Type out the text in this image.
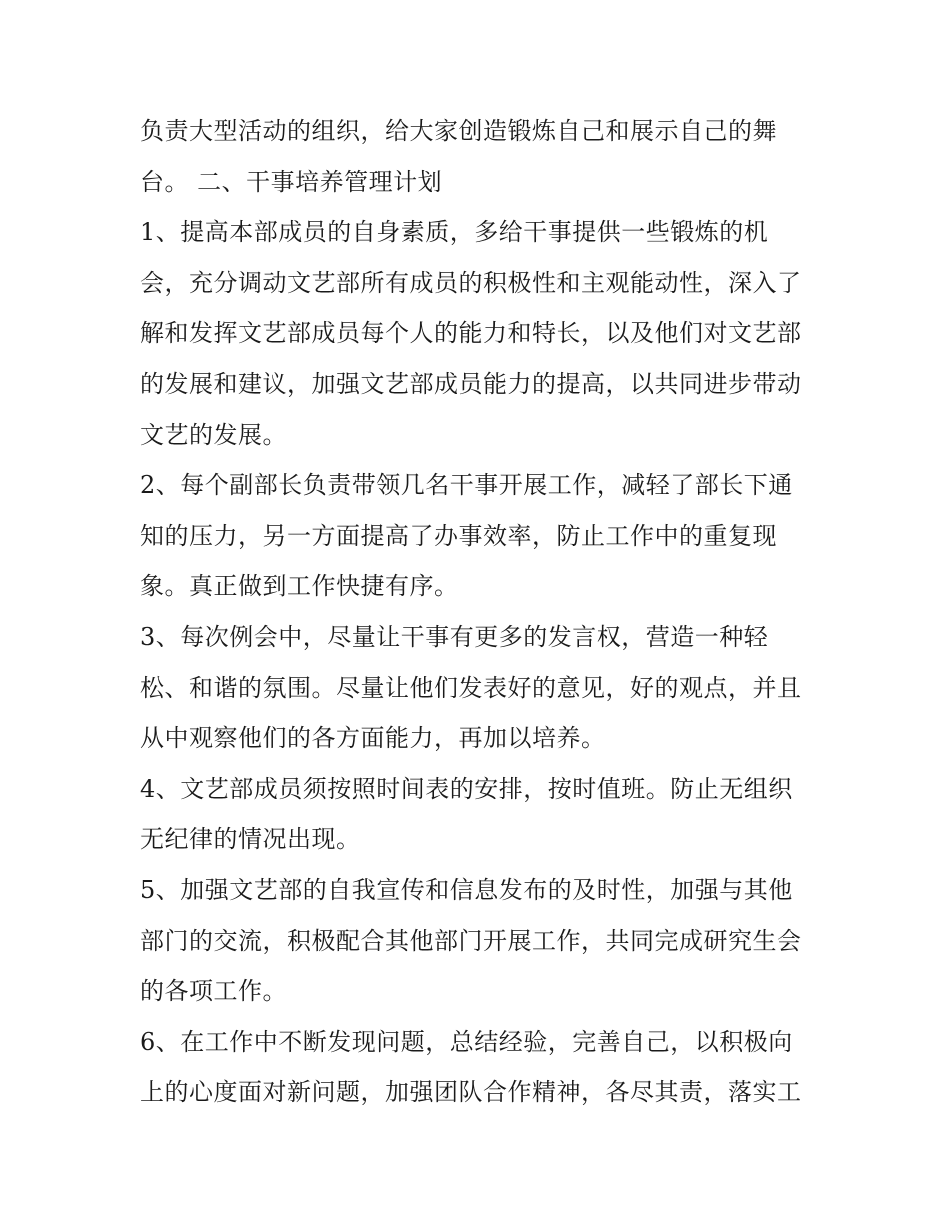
负责大型活动的组织，给大家创造锻炼自己和展示自己的舞
台。 二、干事培养管理计划
1、提高本部成员的自身素质，多给干事提供一些锻炼的机
会，充分调动文艺部所有成员的积极性和主观能动性，深入了
解和发挥文艺部成员每个人的能力和特长，以及他们对文艺部
的发展和建议，加强文艺部成员能力的提高，以共同进步带动
文艺的发展。
2、每个副部长负责带领几名干事开展工作，减轻了部长下通
知的压力，另一方面提高了办事效率，防止工作中的重复现
象。真正做到工作快捷有序。
3、每次例会中，尽量让干事有更多的发言权，营造一种轻
松、和谐的氛围。尽量让他们发表好的意见，好的观点，并且
从中观察他们的各方面能力，再加以培养。
4、文艺部成员须按照时间表的安排，按时值班。防止无组织
无纪律的情况出现。
5、加强文艺部的自我宣传和信息发布的及时性，加强与其他
部门的交流，积极配合其他部门开展工作，共同完成研究生会
的各项工作。
6、在工作中不断发现问题，总结经验，完善自己，以积极向
上的心度面对新问题，加强团队合作精神，各尽其责，落实工
